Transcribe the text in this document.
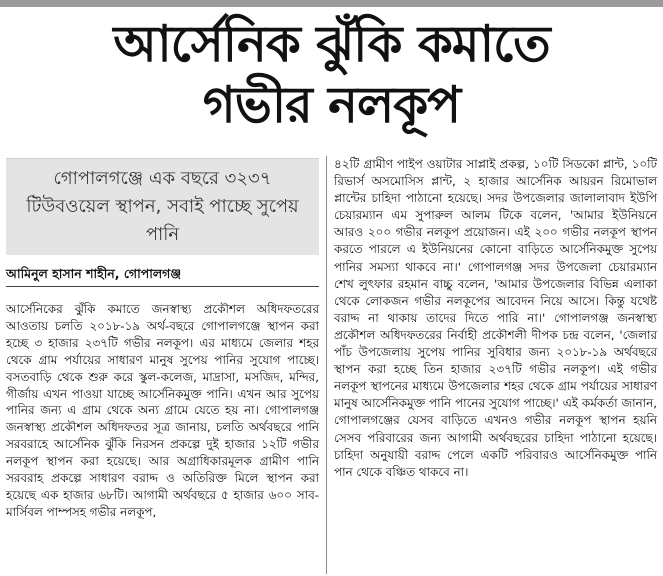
আর্সেনিক ঝুঁকি কমাতে
গভীর নলকূপ
গোপালগঞ্জে এক বছরে ৩২৩৭ টিউবওয়েল স্থাপন, সবাই পাচ্ছে সুপেয় পানি
আমিনুল হাসান শাহীন, গোপালগঞ্জ
আর্সেনিকের ঝুঁকি কমাতে জনস্বাস্থ্য প্রকৌশল অধিদফতরের আওতায় চলতি ২০১৮-১৯ অর্থ-বছরে গোপালগঞ্জে স্থাপন করা হচ্ছে ৩ হাজার ২৩৭টি গভীর নলকূপ। এর মাধ্যমে জেলার শহর থেকে গ্রাম পর্যায়ের সাধারণ মানুষ সুপেয় পানির সুযোগ পাচ্ছে। বসতবাড়ি থেকে শুরু করে স্কুল-কলেজ, মাদ্রাসা, মসজিদ, মন্দির, গীর্জায় এখন পাওয়া যাচ্ছে আর্সেনিকমুক্ত পানি। এখন আর সুপেয় পানির জন্য এ গ্রাম থেকে অন্য গ্রামে যেতে হয় না। গোপালগঞ্জ জনস্বাস্থ্য প্রকৌশল অধিদফতর সূত্র জানায়, চলতি অর্থবছরে পানি সরবরাহে আর্সেনিক ঝুঁকি নিরসন প্রকল্পে দুই হাজার ১২টি গভীর নলকূপ স্থাপন করা হয়েছে। আর অগ্রাধিকারমূলক গ্রামীণ পানি সরবরাহ প্রকল্পে সাধারণ বরাদ্দ ও অতিরিক্ত মিলে স্থাপন করা হয়েছে এক হাজার ৬৮টি। আগামী অর্থবছরে ৫ হাজার ৬০০ সাব-মার্সিবল পাম্পসহ গভীর নলকূপ,
৪২টি গ্রামীণ পাইপ ওয়াটার সাপ্লাই প্রকল্প, ১০টি সিডকো প্লান্ট, ১০টি রিভার্স অসমোসিস প্লান্ট, ২ হাজার আর্সেনিক আয়রন রিমোভাল প্লান্টের চাহিদা পাঠানো হয়েছে। সদর উপজেলার জালালাবাদ ইউপি চেয়ারম্যান এম সুপারুল আলম টিকে বলেন, 'আমার ইউনিয়নে আরও ২০০ গভীর নলকূপ প্রয়োজন। এই ২০০ গভীর নলকূপ স্থাপন করতে পারলে এ ইউনিয়নের কোনো বাড়িতে আর্সেনিকমুক্ত সুপেয় পানির সমস্যা থাকবে না।' গোপালগঞ্জ সদর উপজেলা চেয়ারম্যান শেখ লুৎফার রহমান বাচ্চু বলেন, 'আমার উপজেলার বিভিন্ন এলাকা থেকে লোকজন গভীর নলকূপের আবেদন নিয়ে আসে। কিন্তু যথেষ্ট বরাদ্দ না থাকায় তাদের দিতে পারি না।' গোপালগঞ্জ জনস্বাস্থ্য প্রকৌশল অধিদফতরের নির্বাহী প্রকৌশলী দীপক চন্দ্র বলেন, 'জেলার পাঁচ উপজেলায় সুপেয় পানির সুবিধার জন্য ২০১৮-১৯ অর্থবছরে স্থাপন করা হচ্ছে তিন হাজার ২৩৭টি গভীর নলকূপ। এই গভীর নলকূপ স্থাপনের মাধ্যমে উপজেলার শহর থেকে গ্রাম পর্যায়ের সাধারণ মানুষ আর্সেনিকমুক্ত পানি পানের সুযোগ পাচ্ছে।' এই কর্মকর্তা জানান, গোপালগঞ্জের যেসব বাড়িতে এখনও গভীর নলকূপ স্থাপন হয়নি সেসব পরিবারের জন্য আগামী অর্থবছরের চাহিদা পাঠানো হয়েছে। চাহিদা অনুযায়ী বরাদ্দ পেলে একটি পরিবারও আর্সেনিকমুক্ত পানি পান থেকে বঞ্চিত থাকবে না।
